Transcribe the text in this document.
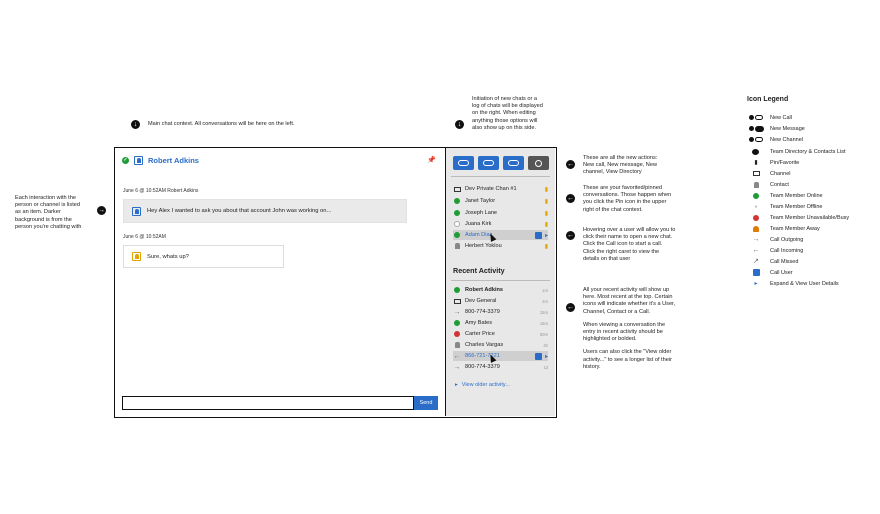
↓	Main chat context. All conversations will be here on the left.	↓
Initiation of new chats or a
log of chats will be displayed
on the right. When editing
anything those options will
also show up on this side.
Each interaction with the
person or channel is listed
as an item. Darker
background is from the
person you're chatting with
→
←
These are all the new actions:
New call, New message, New
channel, View Directory
←
These are your favorited/pinned
conversations. Those happen when
you click the Pin icon in the upper
right of the chat context.
←
Hovering over a user will allow you to
click their name to open a new chat.
Click the Call icon to start a call.
Click the right caret to view the
details on that user
←
All your recent activity will show up
here. Most recent at the top. Certain
icons will indicate whether it's a User,
Channel, Contact or a Call.
When viewing a conversation the
entry in recent activity should be
highlighted or bolded.
Users can also click the "View older
activity..." to see a longer list of their
history.
✓	Robert Adkins	📌
June 6 @ 10:52AM Robert Adkins
Hey Alex I wanted to ask you about that account John was working on...
June 6 @ 10:52AM
Sure, whats up?
Send
Dev Private Chan #1	▮
Janet Taylor	▮
Joseph Lane	▮
Juana Kirk	▮
Adam Diaz	▸
Herbert Yoklou	▮
Recent Activity
Robert Adkins	1m
Dev General	2m
→ 800-774-3379	15m
Amy Bates	15m
Carter Price	50m
Charles Vargas	4h
← 866-721-7221	▸
→ 800-774-3379	1d
▸ View older activity...
Icon Legend
New Call
New Message
New Channel
Team Directory & Contacts List
▮ Pin/Favorite
Channel
Contact
Team Member Online
● Team Member Offline
Team Member Unavailable/Busy
Team Member Away
→ Call Outgoing
← Call Incoming
↗ Call Missed
Call User
▸ Expand & View User Details
